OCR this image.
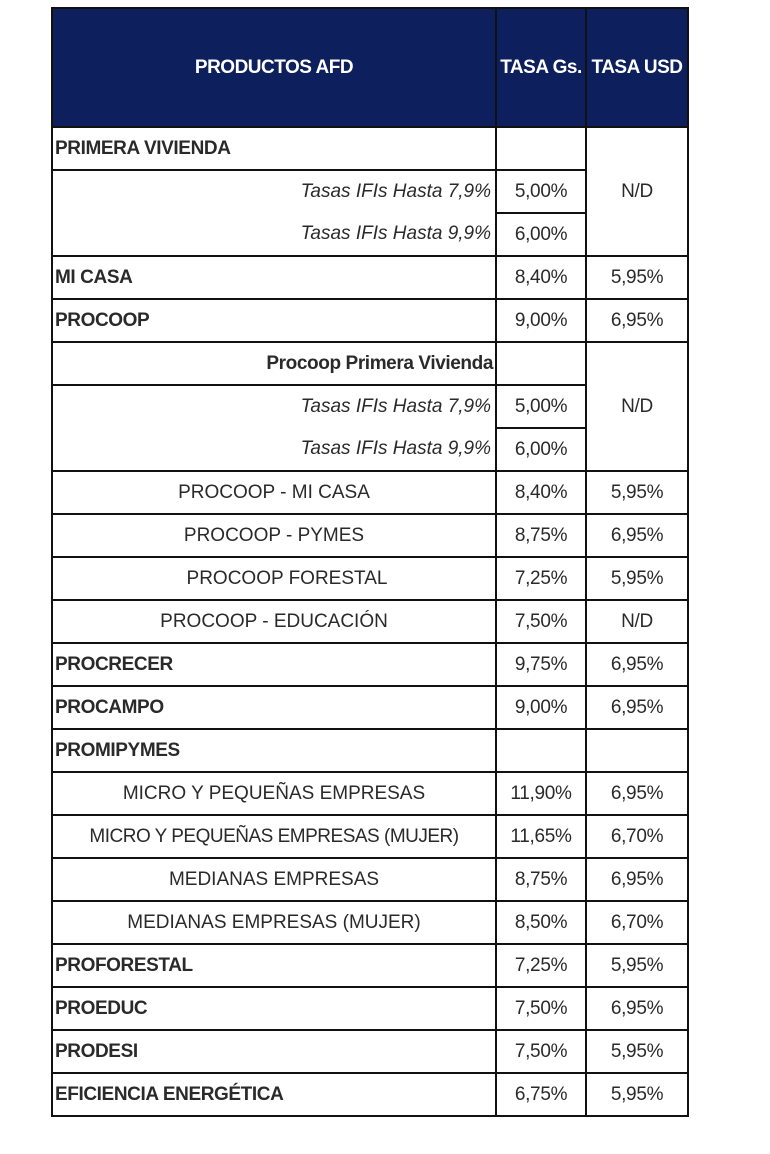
PRODUCTOS AFD	TASA Gs.	TASA USD
PRIMERA VIVIENDA		N/D
Tasas IFIs Hasta 7,9%	5,00%	
Tasas IFIs Hasta 9,9%	6,00%	
MI CASA	8,40%	5,95%
PROCOOP	9,00%	6,95%
Procoop Primera Vivienda		N/D
Tasas IFIs Hasta 7,9%	5,00%	
Tasas IFIs Hasta 9,9%	6,00%	
PROCOOP - MI CASA	8,40%	5,95%
PROCOOP - PYMES	8,75%	6,95%
PROCOOP FORESTAL	7,25%	5,95%
PROCOOP - EDUCACIÓN	7,50%	N/D
PROCRECER	9,75%	6,95%
PROCAMPO	9,00%	6,95%
PROMIPYMES		
MICRO Y PEQUEÑAS EMPRESAS	11,90%	6,95%
MICRO Y PEQUEÑAS EMPRESAS (MUJER)	11,65%	6,70%
MEDIANAS EMPRESAS	8,75%	6,95%
MEDIANAS EMPRESAS (MUJER)	8,50%	6,70%
PROFORESTAL	7,25%	5,95%
PROEDUC	7,50%	6,95%
PRODESI	7,50%	5,95%
EFICIENCIA ENERGÉTICA	6,75%	5,95%
